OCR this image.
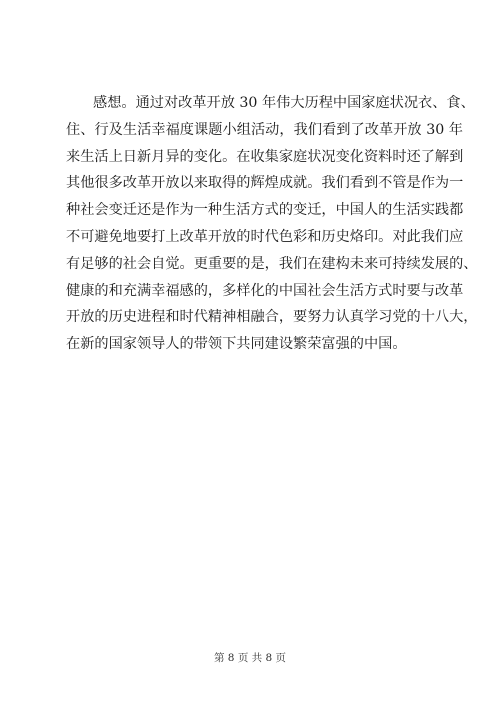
感想。通过对改革开放 30 年伟大历程中国家庭状况衣、食、
住、行及生活幸福度课题小组活动，我们看到了改革开放 30 年
来生活上日新月异的变化。在收集家庭状况变化资料时还了解到
其他很多改革开放以来取得的辉煌成就。我们看到不管是作为一
种社会变迁还是作为一种生活方式的变迁，中国人的生活实践都
不可避免地要打上改革开放的时代色彩和历史烙印。对此我们应
有足够的社会自觉。更重要的是，我们在建构未来可持续发展的、
健康的和充满幸福感的，多样化的中国社会生活方式时要与改革
开放的历史进程和时代精神相融合，要努力认真学习党的十八大，
在新的国家领导人的带领下共同建设繁荣富强的中国。
第 8 页 共 8 页
